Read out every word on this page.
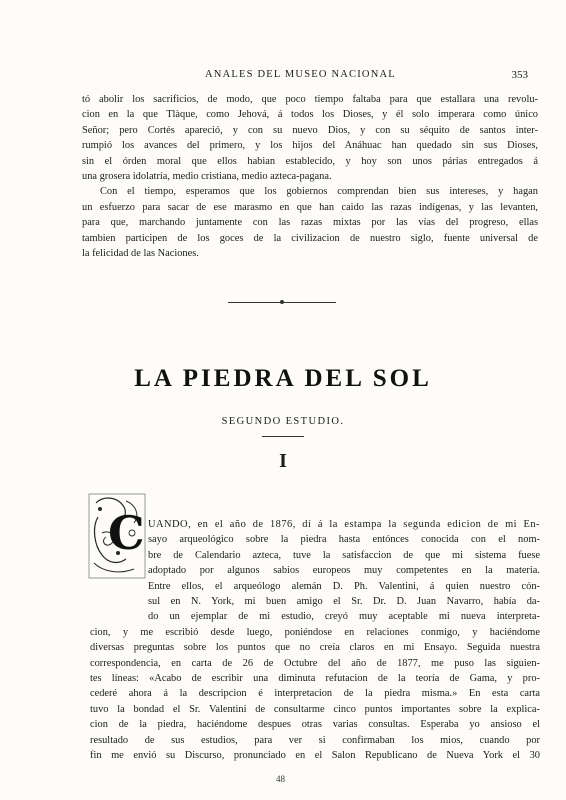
ANALES DEL MUSEO NACIONAL	353

tó abolir los sacrificios, de modo, que poco tiempo faltaba para que estallara una revolu-
cion en la que Tlàque, como Jehová, á todos los Dioses, y él solo imperara como único
Señor; pero Cortés apareció, y con su nuevo Dios, y con su séquito de santos inter-
rumpió los avances del primero, y los hijos del Anáhuac han quedado sin sus Dioses,
sin el órden moral que ellos habian establecido, y hoy son unos párias entregados á
una grosera idolatría, medio cristiana, medio azteca-pagana.

Con el tiempo, esperamos que los gobiernos comprendan bien sus intereses, y hagan
un esfuerzo para sacar de ese marasmo en que han caido las razas indígenas, y las levanten,
para que, marchando juntamente con las razas mixtas por las vías del progreso, ellas
tambien participen de los goces de la civilizacion de nuestro siglo, fuente universal de
la felicidad de las Naciones.

LA PIEDRA DEL SOL
SEGUNDO ESTUDIO.
I
C UANDO, en el año de 1876, dí á la estampa la segunda edicion de mi En-
sayo arqueológico sobre la piedra hasta entónces conocida con el nom-
bre de Calendario azteca, tuve la satisfaccion de que mi sistema fuese
adoptado por algunos sabios europeos muy competentes en la materia.
Entre ellos, el arqueólogo alemán D. Ph. Valentini, á quien nuestro cón-
sul en N. York, mi buen amigo el Sr. Dr. D. Juan Navarro, había da-
do un ejemplar de mi estudio, creyó muy aceptable mi nueva interpreta-
cion, y me escribió desde luego, poniéndose en relaciones conmigo, y haciéndome
diversas preguntas sobre los puntos que no creía claros en mi Ensayo. Seguida nuestra
correspondencia, en carta de 26 de Octubre del año de 1877, me puso las siguien-
tes líneas: «Acabo de escribir una diminuta refutacion de la teoría de Gama, y pro-
cederé ahora á la descripcion é interpretacion de la piedra misma.» En esta carta
tuvo la bondad el Sr. Valentini de consultarme cinco puntos importantes sobre la explica-
cion de la piedra, haciéndome despues otras varias consultas. Esperaba yo ansioso el
resultado de sus estudios, para ver si confirmaban los mios, cuando por
fin me envió su Discurso, pronunciado en el Salon Republicano de Nueva York el 30
48
